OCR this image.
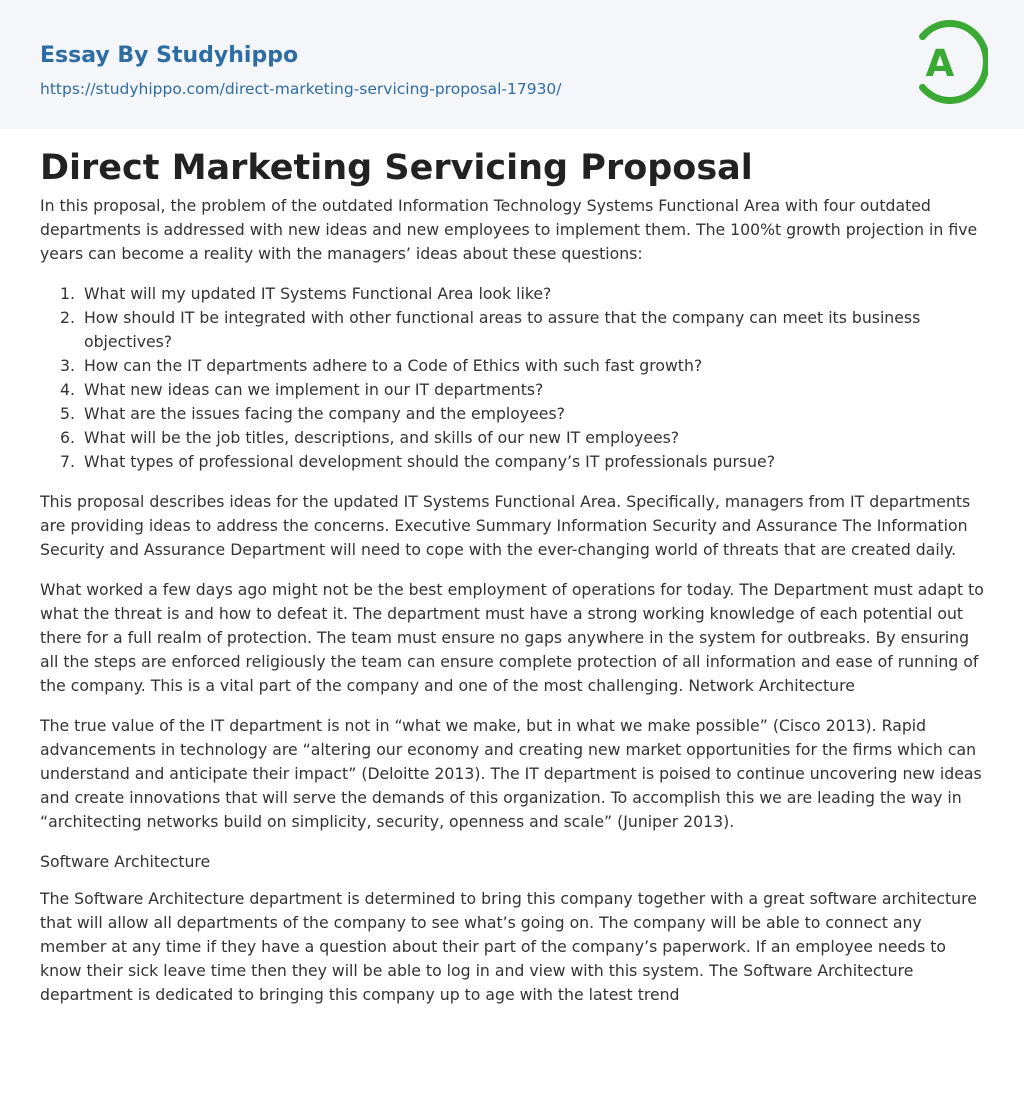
Essay By Studyhippo
https://studyhippo.com/direct-marketing-servicing-proposal-17930/
A
Direct Marketing Servicing Proposal

In this proposal, the problem of the outdated Information Technology Systems Functional Area with four outdated departments is addressed with new ideas and new employees to implement them. The 100%t growth projection in five years can become a reality with the managers’ ideas about these questions:

1. What will my updated IT Systems Functional Area look like?
2. How should IT be integrated with other functional areas to assure that the company can meet its business objectives?
3. How can the IT departments adhere to a Code of Ethics with such fast growth?
4. What new ideas can we implement in our IT departments?
5. What are the issues facing the company and the employees?
6. What will be the job titles, descriptions, and skills of our new IT employees?
7. What types of professional development should the company’s IT professionals pursue?

This proposal describes ideas for the updated IT Systems Functional Area. Specifically, managers from IT departments are providing ideas to address the concerns. Executive Summary Information Security and Assurance The Information Security and Assurance Department will need to cope with the ever-changing world of threats that are created daily.

What worked a few days ago might not be the best employment of operations for today. The Department must adapt to what the threat is and how to defeat it. The department must have a strong working knowledge of each potential out there for a full realm of protection. The team must ensure no gaps anywhere in the system for outbreaks. By ensuring all the steps are enforced religiously the team can ensure complete protection of all information and ease of running of the company. This is a vital part of the company and one of the most challenging. Network Architecture

The true value of the IT department is not in “what we make, but in what we make possible” (Cisco 2013). Rapid advancements in technology are “altering our economy and creating new market opportunities for the firms which can understand and anticipate their impact” (Deloitte 2013). The IT department is poised to continue uncovering new ideas and create innovations that will serve the demands of this organization. To accomplish this we are leading the way in “architecting networks build on simplicity, security, openness and scale” (Juniper 2013).

Software Architecture

The Software Architecture department is determined to bring this company together with a great software architecture that will allow all departments of the company to see what’s going on. The company will be able to connect any member at any time if they have a question about their part of the company’s paperwork. If an employee needs to know their sick leave time then they will be able to log in and view with this system. The Software Architecture department is dedicated to bringing this company up to age with the latest trend
